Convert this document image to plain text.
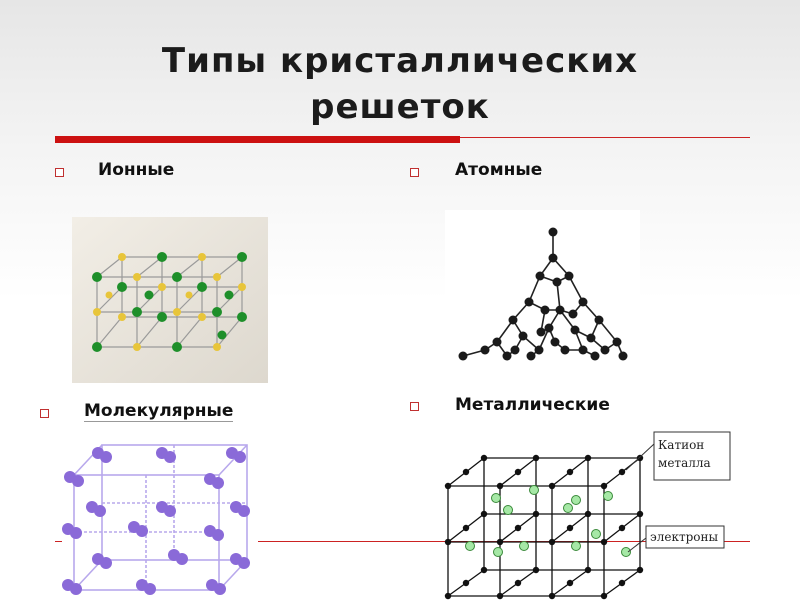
Типы кристаллических
решеток
Ионные	Атомные
Молекулярные	Металлические
Катион
металла
электроны
